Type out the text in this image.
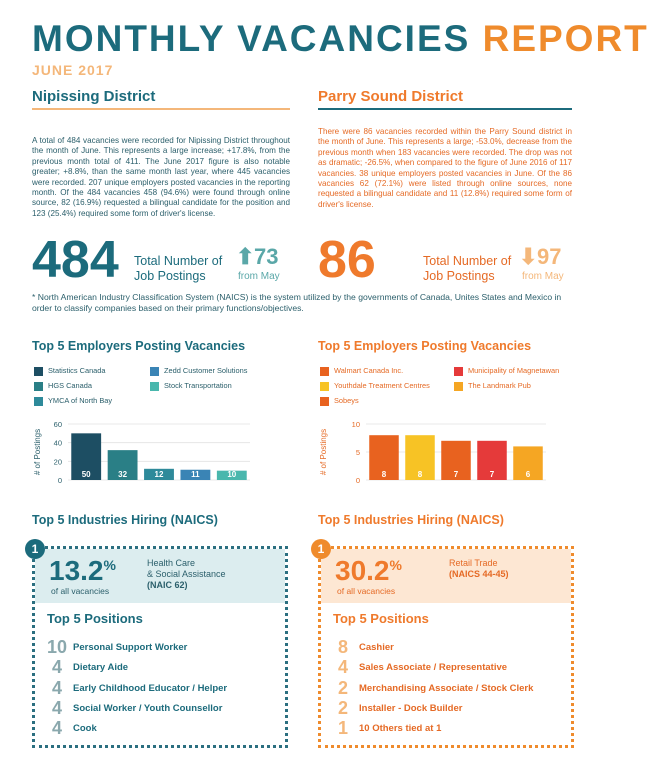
MONTHLY VACANCIES REPORT
JUNE 2017
Nipissing District	Parry Sound District
A total of 484 vacancies were recorded for Nipissing District throughout the month of June. This represents a large increase; +17.8%, from the previous month total of 411. The June 2017 figure is also notable greater; +8.8%, than the same month last year, where 445 vacancies were recorded. 207 unique employers posted vacancies in the reporting month. Of the 484 vacancies 458 (94.6%) were found through online source, 82 (16.9%) requested a bilingual candidate for the position and 123 (25.4%) required some form of driver's license.
There were 86 vacancies recorded within the Parry Sound district in the month of June. This represents a large; -53.0%, decrease from the previous month when 183 vacancies were recorded. The drop was not as dramatic; -26.5%, when compared to the figure of June 2016 of 117 vacancies. 38 unique employers posted vacancies in June. Of the 86 vacancies 62 (72.1%) were listed through online sources, none requested a bilingual candidate and 11 (12.8%) required some form of driver's license.
484 Total Number of Job Postings
⬆ 73
from May 86	Total Number of Job Postings
⬇ 97
from May
* North American Industry Classification System (NAICS) is the system utilized by the governments of Canada, Unites States and Mexico in order to classify companies based on their primary functions/objectives.
Top 5 Employers Posting Vacancies	Top 5 Employers Posting Vacancies
Statistics Canada	Zedd Customer Solutions
HGS Canada	Stock Transportation
YMCA of North Bay
Walmart Canada Inc.	Municipality of Magnetawan
Youthdale Treatment Centres	The Landmark Pub
Sobeys
# of Postings
0
20
40
60
50	32	12	11	10	# of Postings
0
5
10
8	8	7	7	6
Top 5 Industries Hiring (NAICS)	Top 5 Industries Hiring (NAICS)
1
13.2%
of all vacancies
Health Care
& Social Assistance
(NAIC 62)
Top 5 Positions
10 Personal Support Worker
4	Dietary Aide
4	Early Childhood Educator / Helper
4	Social Worker / Youth Counsellor
4	Cook
1
30.2%
of all vacancies
Retail Trade
(NAICS 44-45)
Top 5 Positions
8	Cashier
4	Sales Associate / Representative
2	Merchandising Associate / Stock Clerk
2	Installer - Dock Builder
1	10 Others tied at 1
